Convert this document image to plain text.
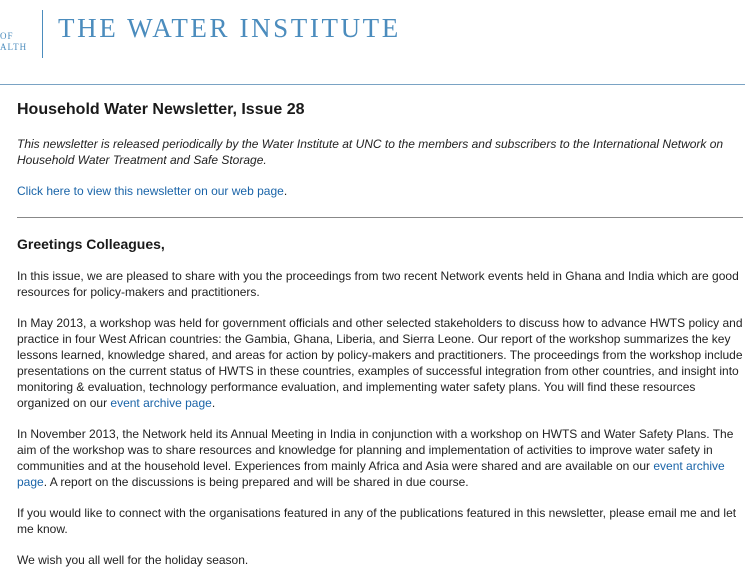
OF
ALTH
THE WATER INSTITUTE
Household Water Newsletter, Issue 28

This newsletter is released periodically by the Water Institute at UNC to the members and subscribers to the International Network on Household Water Treatment and Safe Storage.

Click here to view this newsletter on our web page.

Greetings Colleagues,

In this issue, we are pleased to share with you the proceedings from two recent Network events held in Ghana and India which are good resources for policy-makers and practitioners.

In May 2013, a workshop was held for government officials and other selected stakeholders to discuss how to advance HWTS policy and practice in four West African countries: the Gambia, Ghana, Liberia, and Sierra Leone. Our report of the workshop summarizes the key lessons learned, knowledge shared, and areas for action by policy-makers and practitioners. The proceedings from the workshop include presentations on the current status of HWTS in these countries, examples of successful integration from other countries, and insight into monitoring & evaluation, technology performance evaluation, and implementing water safety plans. You will find these resources organized on our event archive page.

In November 2013, the Network held its Annual Meeting in India in conjunction with a workshop on HWTS and Water Safety Plans. The aim of the workshop was to share resources and knowledge for planning and implementation of activities to improve water safety in communities and at the household level. Experiences from mainly Africa and Asia were shared and are available on our event archive page. A report on the discussions is being prepared and will be shared in due course.

If you would like to connect with the organisations featured in any of the publications featured in this newsletter, please email me and let me know.

We wish you all well for the holiday season.
